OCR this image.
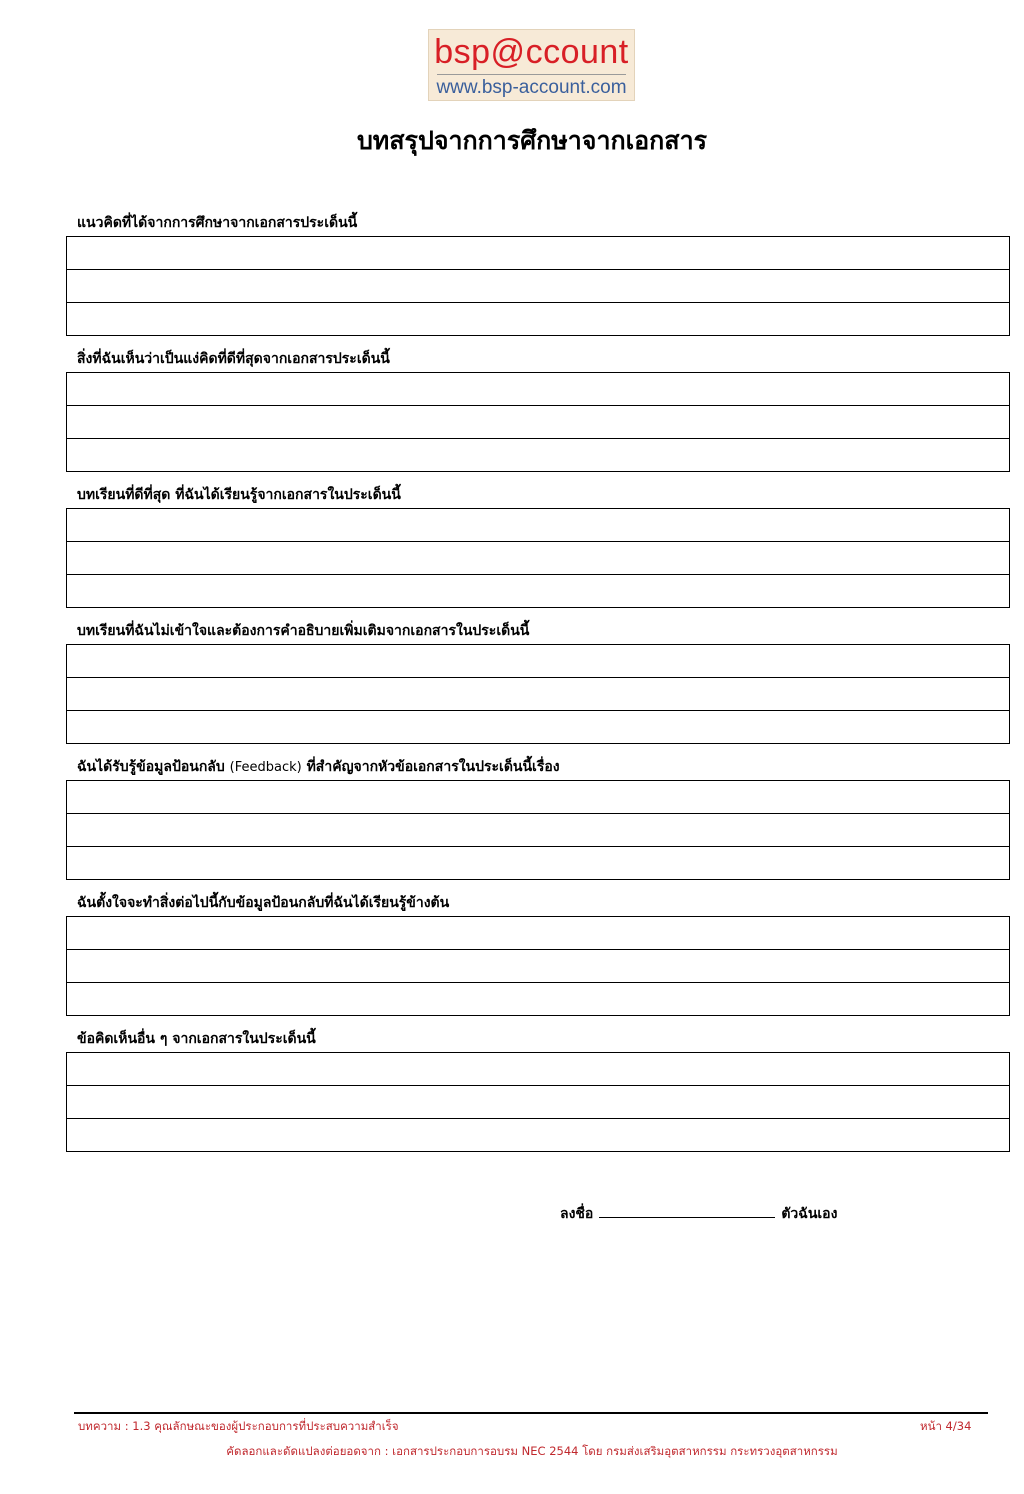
bsp@ccount
www.bsp-account.com
บทสรุปจากการศึกษาจากเอกสาร
แนวคิดที่ได้จากการศึกษาจากเอกสารประเด็นนี้
สิ่งที่ฉันเห็นว่าเป็นแง่คิดที่ดีที่สุดจากเอกสารประเด็นนี้
บทเรียนที่ดีที่สุด ที่ฉันได้เรียนรู้จากเอกสารในประเด็นนี้
บทเรียนที่ฉันไม่เข้าใจและต้องการคำอธิบายเพิ่มเติมจากเอกสารในประเด็นนี้
ฉันได้รับรู้ข้อมูลป้อนกลับ (Feedback) ที่สำคัญจากหัวข้อเอกสารในประเด็นนี้เรื่อง
ฉันตั้งใจจะทำสิ่งต่อไปนี้กับข้อมูลป้อนกลับที่ฉันได้เรียนรู้ข้างต้น
ข้อคิดเห็นอื่น ๆ จากเอกสารในประเด็นนี้
ลงชื่อ	ตัวฉันเอง
บทความ : 1.3 คุณลักษณะของผู้ประกอบการที่ประสบความสำเร็จ	หน้า 4/34
คัดลอกและดัดแปลงต่อยอดจาก : เอกสารประกอบการอบรม NEC 2544 โดย กรมส่งเสริมอุตสาหกรรม กระทรวงอุตสาหกรรม
